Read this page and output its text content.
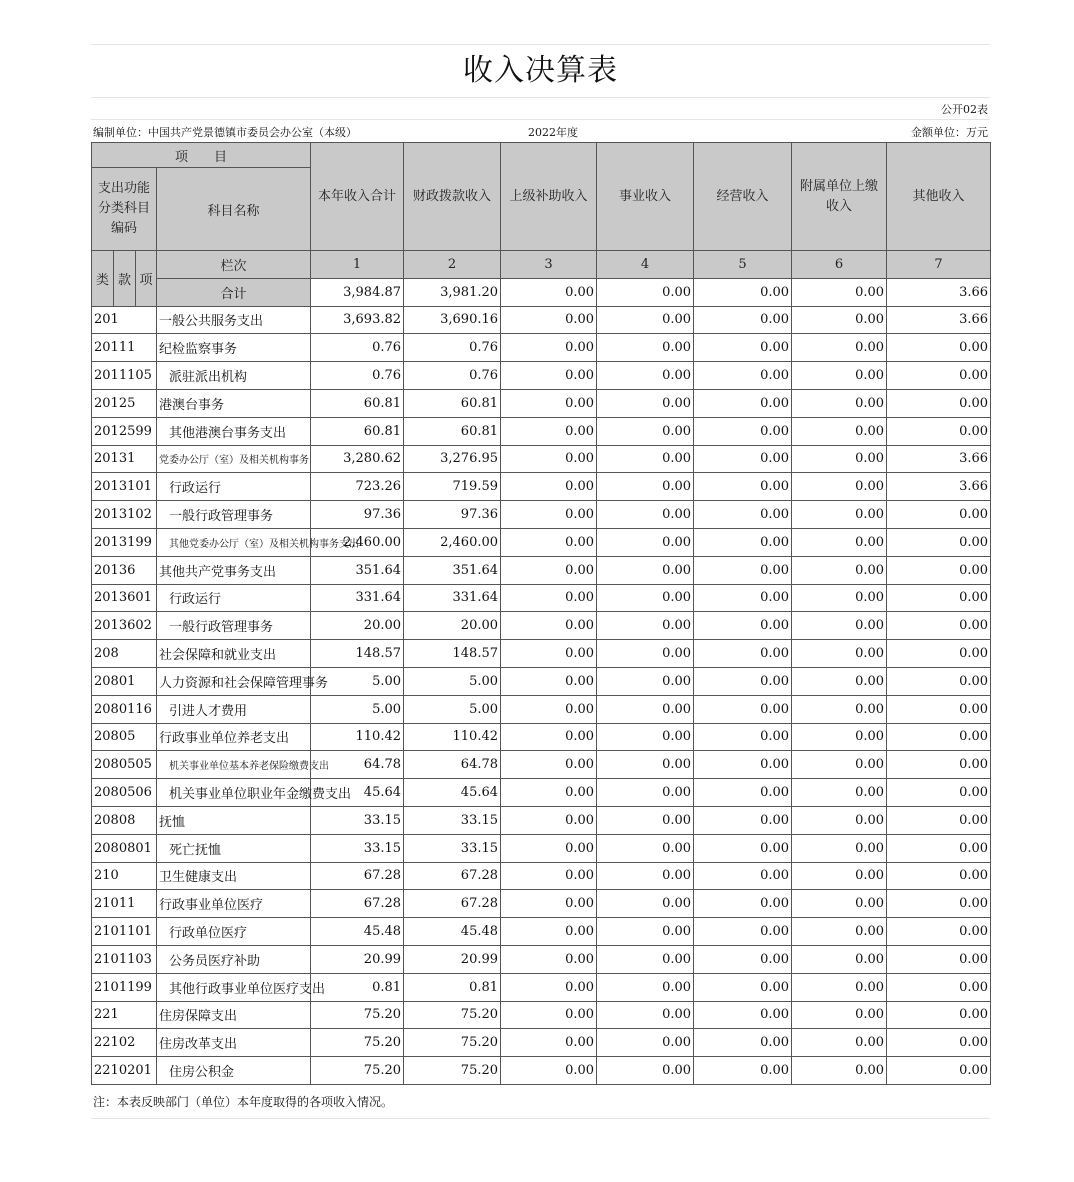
收入决算表
公开02表
编制单位：中国共产党景德镇市委员会办公室（本级）	2022年度	金额单位：万元
项　　目				本年收入合计	财政拨款收入	上级补助收入	事业收入	经营收入	附属单位上缴收入	其他收入
支出功能分类科目编码			科目名称							
类	款	项	栏次	1	2	3	4	5	6	7
			合计	3,984.87	3,981.20	0.00	0.00	0.00	0.00	3.66
201			一般公共服务支出	3,693.82	3,690.16	0.00	0.00	0.00	0.00	3.66
20111			纪检监察事务	0.76	0.76	0.00	0.00	0.00	0.00	0.00
2011105			派驻派出机构	0.76	0.76	0.00	0.00	0.00	0.00	0.00
20125			港澳台事务	60.81	60.81	0.00	0.00	0.00	0.00	0.00
2012599			其他港澳台事务支出	60.81	60.81	0.00	0.00	0.00	0.00	0.00
20131			党委办公厅（室）及相关机构事务	3,280.62	3,276.95	0.00	0.00	0.00	0.00	3.66
2013101			行政运行	723.26	719.59	0.00	0.00	0.00	0.00	3.66
2013102			一般行政管理事务	97.36	97.36	0.00	0.00	0.00	0.00	0.00
2013199			其他党委办公厅（室）及相关机构事务支出	2,460.00	2,460.00	0.00	0.00	0.00	0.00	0.00
20136			其他共产党事务支出	351.64	351.64	0.00	0.00	0.00	0.00	0.00
2013601			行政运行	331.64	331.64	0.00	0.00	0.00	0.00	0.00
2013602			一般行政管理事务	20.00	20.00	0.00	0.00	0.00	0.00	0.00
208			社会保障和就业支出	148.57	148.57	0.00	0.00	0.00	0.00	0.00
20801			人力资源和社会保障管理事务	5.00	5.00	0.00	0.00	0.00	0.00	0.00
2080116			引进人才费用	5.00	5.00	0.00	0.00	0.00	0.00	0.00
20805			行政事业单位养老支出	110.42	110.42	0.00	0.00	0.00	0.00	0.00
2080505			机关事业单位基本养老保险缴费支出	64.78	64.78	0.00	0.00	0.00	0.00	0.00
2080506			机关事业单位职业年金缴费支出	45.64	45.64	0.00	0.00	0.00	0.00	0.00
20808			抚恤	33.15	33.15	0.00	0.00	0.00	0.00	0.00
2080801			死亡抚恤	33.15	33.15	0.00	0.00	0.00	0.00	0.00
210			卫生健康支出	67.28	67.28	0.00	0.00	0.00	0.00	0.00
21011			行政事业单位医疗	67.28	67.28	0.00	0.00	0.00	0.00	0.00
2101101			行政单位医疗	45.48	45.48	0.00	0.00	0.00	0.00	0.00
2101103			公务员医疗补助	20.99	20.99	0.00	0.00	0.00	0.00	0.00
2101199			其他行政事业单位医疗支出	0.81	0.81	0.00	0.00	0.00	0.00	0.00
221			住房保障支出	75.20	75.20	0.00	0.00	0.00	0.00	0.00
22102			住房改革支出	75.20	75.20	0.00	0.00	0.00	0.00	0.00
2210201			住房公积金	75.20	75.20	0.00	0.00	0.00	0.00	0.00
注：本表反映部门（单位）本年度取得的各项收入情况。
